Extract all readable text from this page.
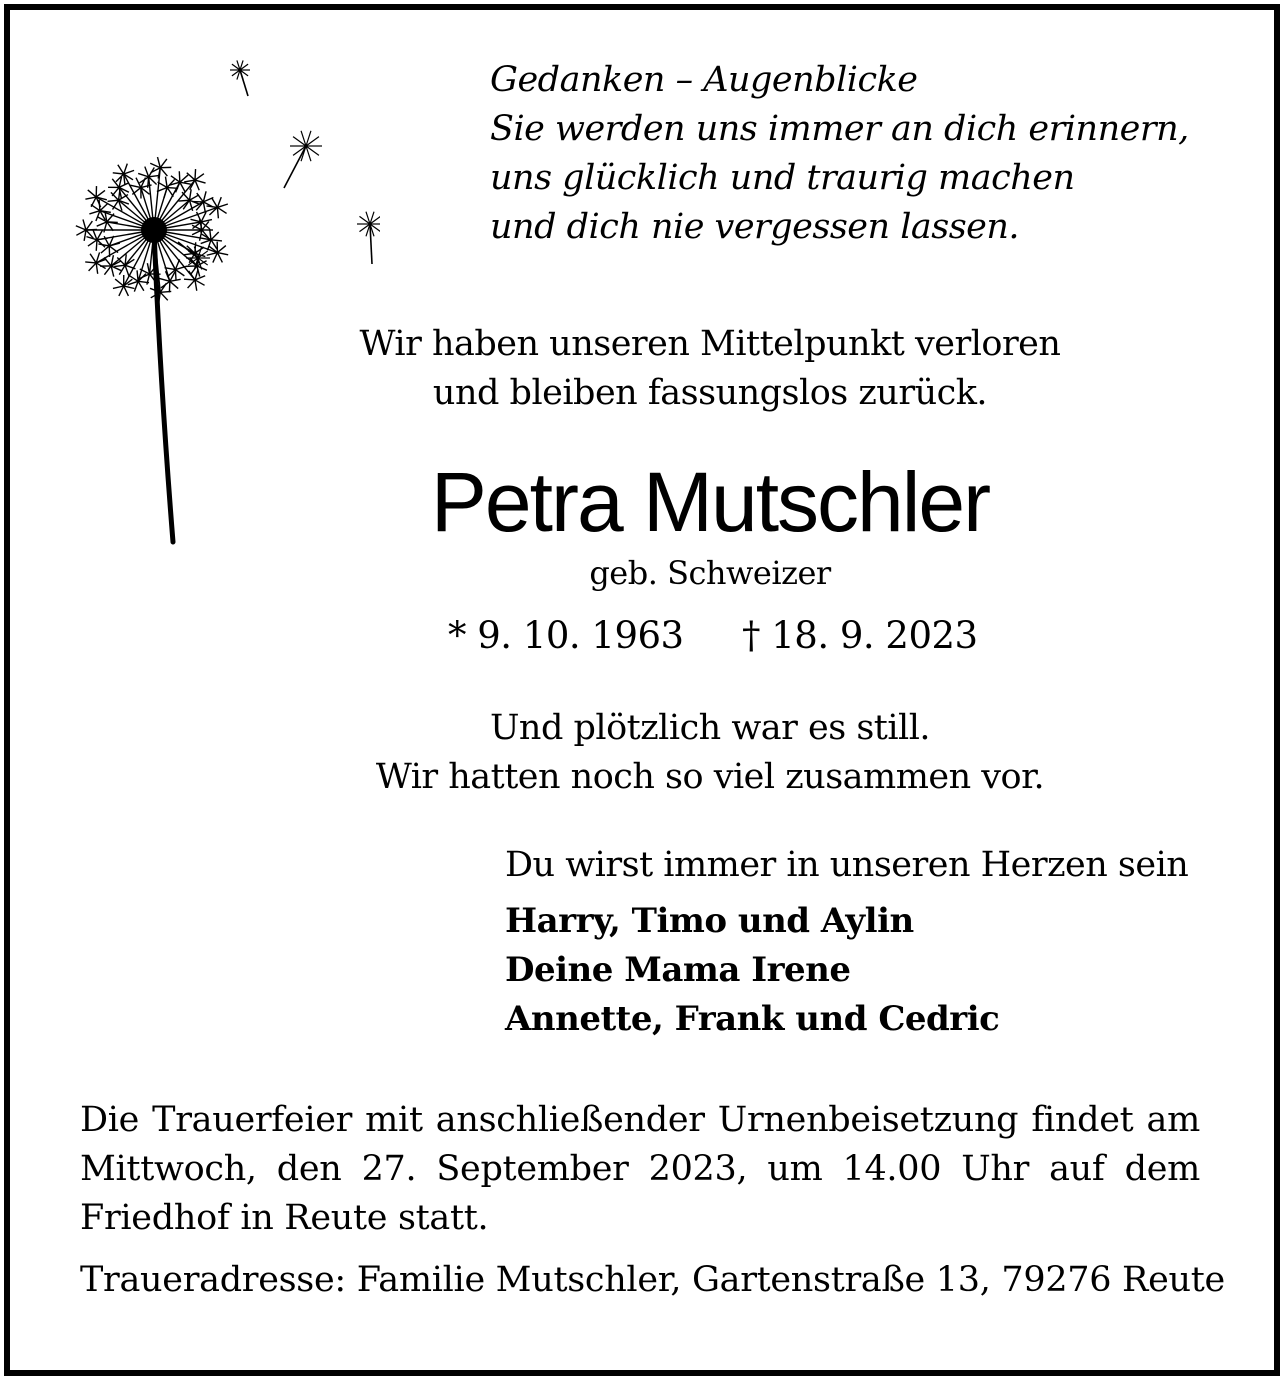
Gedanken – Augenblicke
Sie werden uns immer an dich erinnern,
uns glücklich und traurig machen
und dich nie vergessen lassen.
Wir haben unseren Mittelpunkt verloren
und bleiben fassungslos zurück.
Petra Mutschler
geb. Schweizer
* 9. 10. 1963 † 18. 9. 2023
Und plötzlich war es still.
Wir hatten noch so viel zusammen vor.
Du wirst immer in unseren Herzen sein
Harry, Timo und Aylin
Deine Mama Irene
Annette, Frank und Cedric
Die Trauerfeier mit anschließender Urnenbeisetzung findet am Mittwoch, den 27. September 2023, um 14.00 Uhr auf dem Friedhof in Reute statt.
Traueradresse: Familie Mutschler, Gartenstraße 13, 79276 Reute
